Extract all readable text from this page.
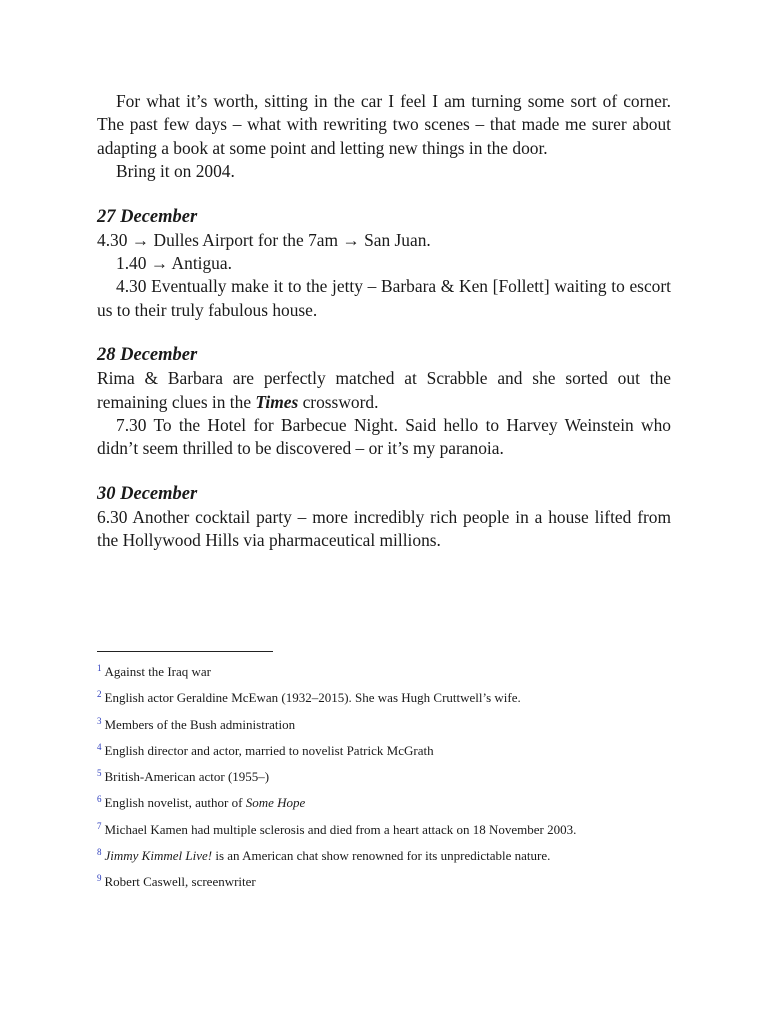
For what it’s worth, sitting in the car I feel I am turning some sort of corner. The past few days – what with rewriting two scenes – that made me surer about adapting a book at some point and letting new things in the door.

Bring it on 2004.

27 December

4.30 → Dulles Airport for the 7am → San Juan.

1.40 → Antigua.

4.30 Eventually make it to the jetty – Barbara & Ken [Follett] waiting to escort us to their truly fabulous house.

28 December

Rima & Barbara are perfectly matched at Scrabble and she sorted out the remaining clues in the Times crossword.

7.30 To the Hotel for Barbecue Night. Said hello to Harvey Weinstein who didn’t seem thrilled to be discovered – or it’s my paranoia.

30 December

6.30 Another cocktail party – more incredibly rich people in a house lifted from the Hollywood Hills via pharmaceutical millions.

$^1$ Against the Iraq war

$^2$ English actor Geraldine McEwan (1932–2015). She was Hugh Cruttwell’s wife.

$^3$ Members of the Bush administration

$^4$ English director and actor, married to novelist Patrick McGrath

$^5$ British-American actor (1955–)

$^6$ English novelist, author of Some Hope

$^7$ Michael Kamen had multiple sclerosis and died from a heart attack on 18 November 2003.

$^8$ Jimmy Kimmel Live! is an American chat show renowned for its unpredictable nature.

$^9$ Robert Caswell, screenwriter
